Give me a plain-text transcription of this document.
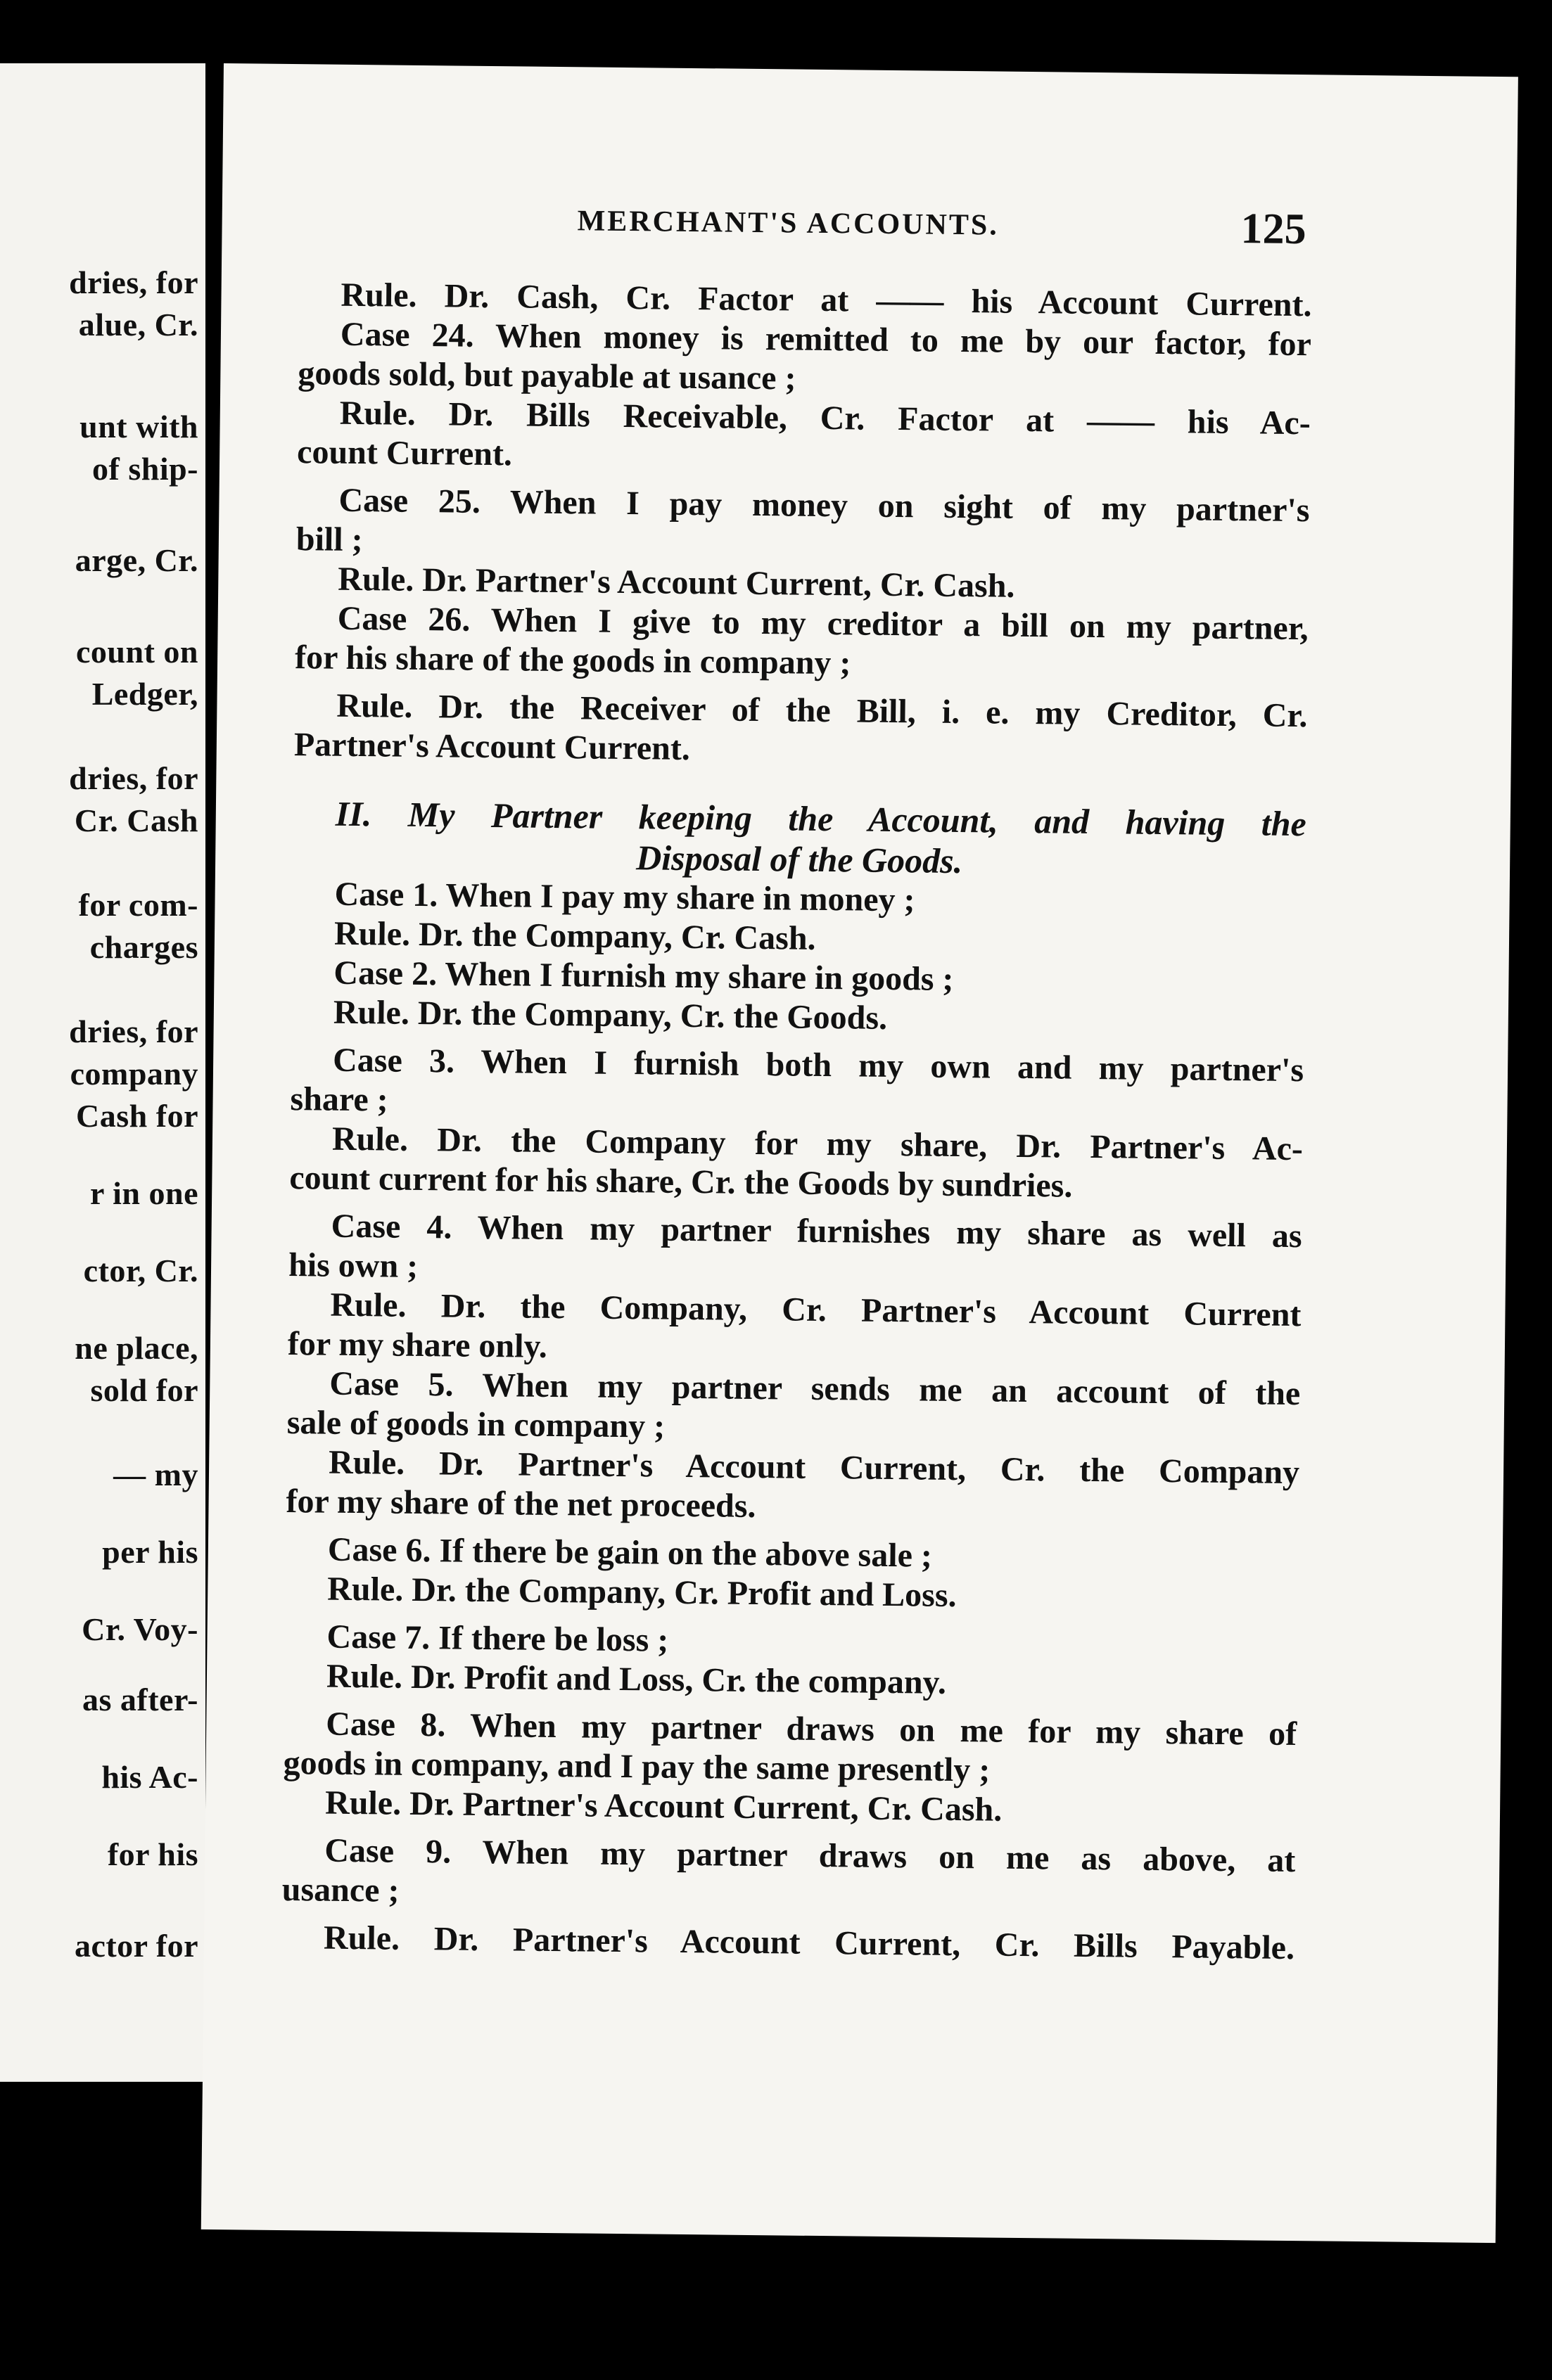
dries, for
alue, Cr.
unt with
of ship-
arge, Cr.
count on
Ledger,
dries, for
Cr. Cash
for com-
charges
dries, for
company
Cash for
r in one
ctor, Cr.
ne place,
sold for
— my
per his
Cr. Voy-
as after-
his Ac-
for his
actor for
MERCHANT'S ACCOUNTS.	125
Rule. Dr. Cash, Cr. Factor at —— his Account Current.
Case 24. When money is remitted to me by our factor, for
goods sold, but payable at usance ;
Rule. Dr. Bills Receivable, Cr. Factor at —— his Ac-
count Current.
Case 25. When I pay money on sight of my partner's
bill ;
Rule. Dr. Partner's Account Current, Cr. Cash.
Case 26. When I give to my creditor a bill on my partner,
for his share of the goods in company ;
Rule. Dr. the Receiver of the Bill, i. e. my Creditor, Cr.
Partner's Account Current.
II. My Partner keeping the Account, and having the
Disposal of the Goods.
Case 1. When I pay my share in money ;
Rule. Dr. the Company, Cr. Cash.
Case 2. When I furnish my share in goods ;
Rule. Dr. the Company, Cr. the Goods.
Case 3. When I furnish both my own and my partner's
share ;
Rule. Dr. the Company for my share, Dr. Partner's Ac-
count current for his share, Cr. the Goods by sundries.
Case 4. When my partner furnishes my share as well as
his own ;
Rule. Dr. the Company, Cr. Partner's Account Current
for my share only.
Case 5. When my partner sends me an account of the
sale of goods in company ;
Rule. Dr. Partner's Account Current, Cr. the Company
for my share of the net proceeds.
Case 6. If there be gain on the above sale ;
Rule. Dr. the Company, Cr. Profit and Loss.
Case 7. If there be loss ;
Rule. Dr. Profit and Loss, Cr. the company.
Case 8. When my partner draws on me for my share of
goods in company, and I pay the same presently ;
Rule. Dr. Partner's Account Current, Cr. Cash.
Case 9. When my partner draws on me as above, at
usance ;
Rule. Dr. Partner's Account Current, Cr. Bills Payable.
